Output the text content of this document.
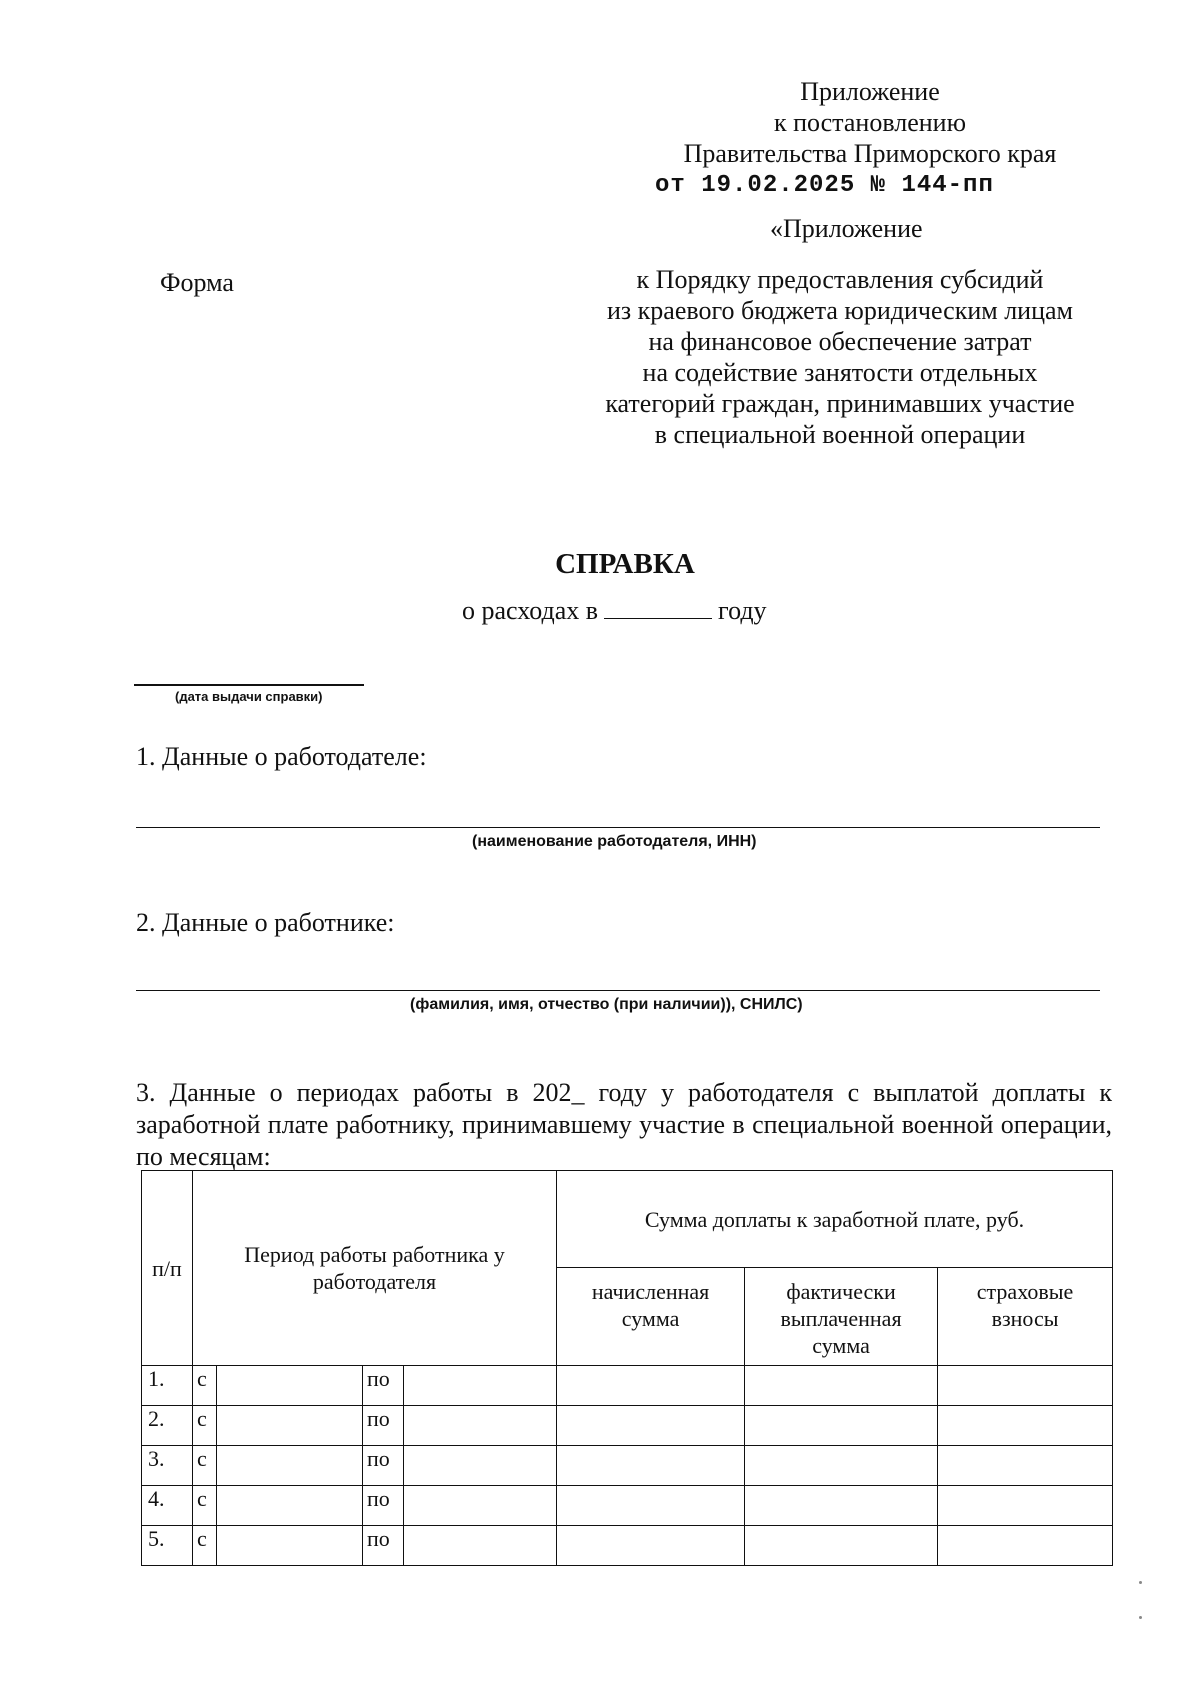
Приложение
к постановлению
Правительства Приморского края
от 19.02.2025 № 144-пп
«Приложение
Форма	к Порядку предоставления субсидий
из краевого бюджета юридическим лицам
на финансовое обеспечение затрат
на содействие занятости отдельных
категорий граждан, принимавших участие
в специальной военной операции
СПРАВКА
о расходах в	году
(дата выдачи справки)
1. Данные о работодателе:
(наименование работодателя, ИНН)
2. Данные о работнике:
(фамилия, имя, отчество (при наличии)), СНИЛС)
3. Данные о периодах работы в 202_ году у работодателя с выплатой доплаты к заработной плате работнику, принимавшему участие в специальной военной операции, по месяцам:
п/п	Период работы работника у работодателя				Сумма доплаты к заработной плате, руб.		
					начисленная сумма	фактически выплаченная сумма	страховые взносы
1.	с		по				
2.	с		по				
3.	с		по				
4.	с		по				
5.	с		по				
